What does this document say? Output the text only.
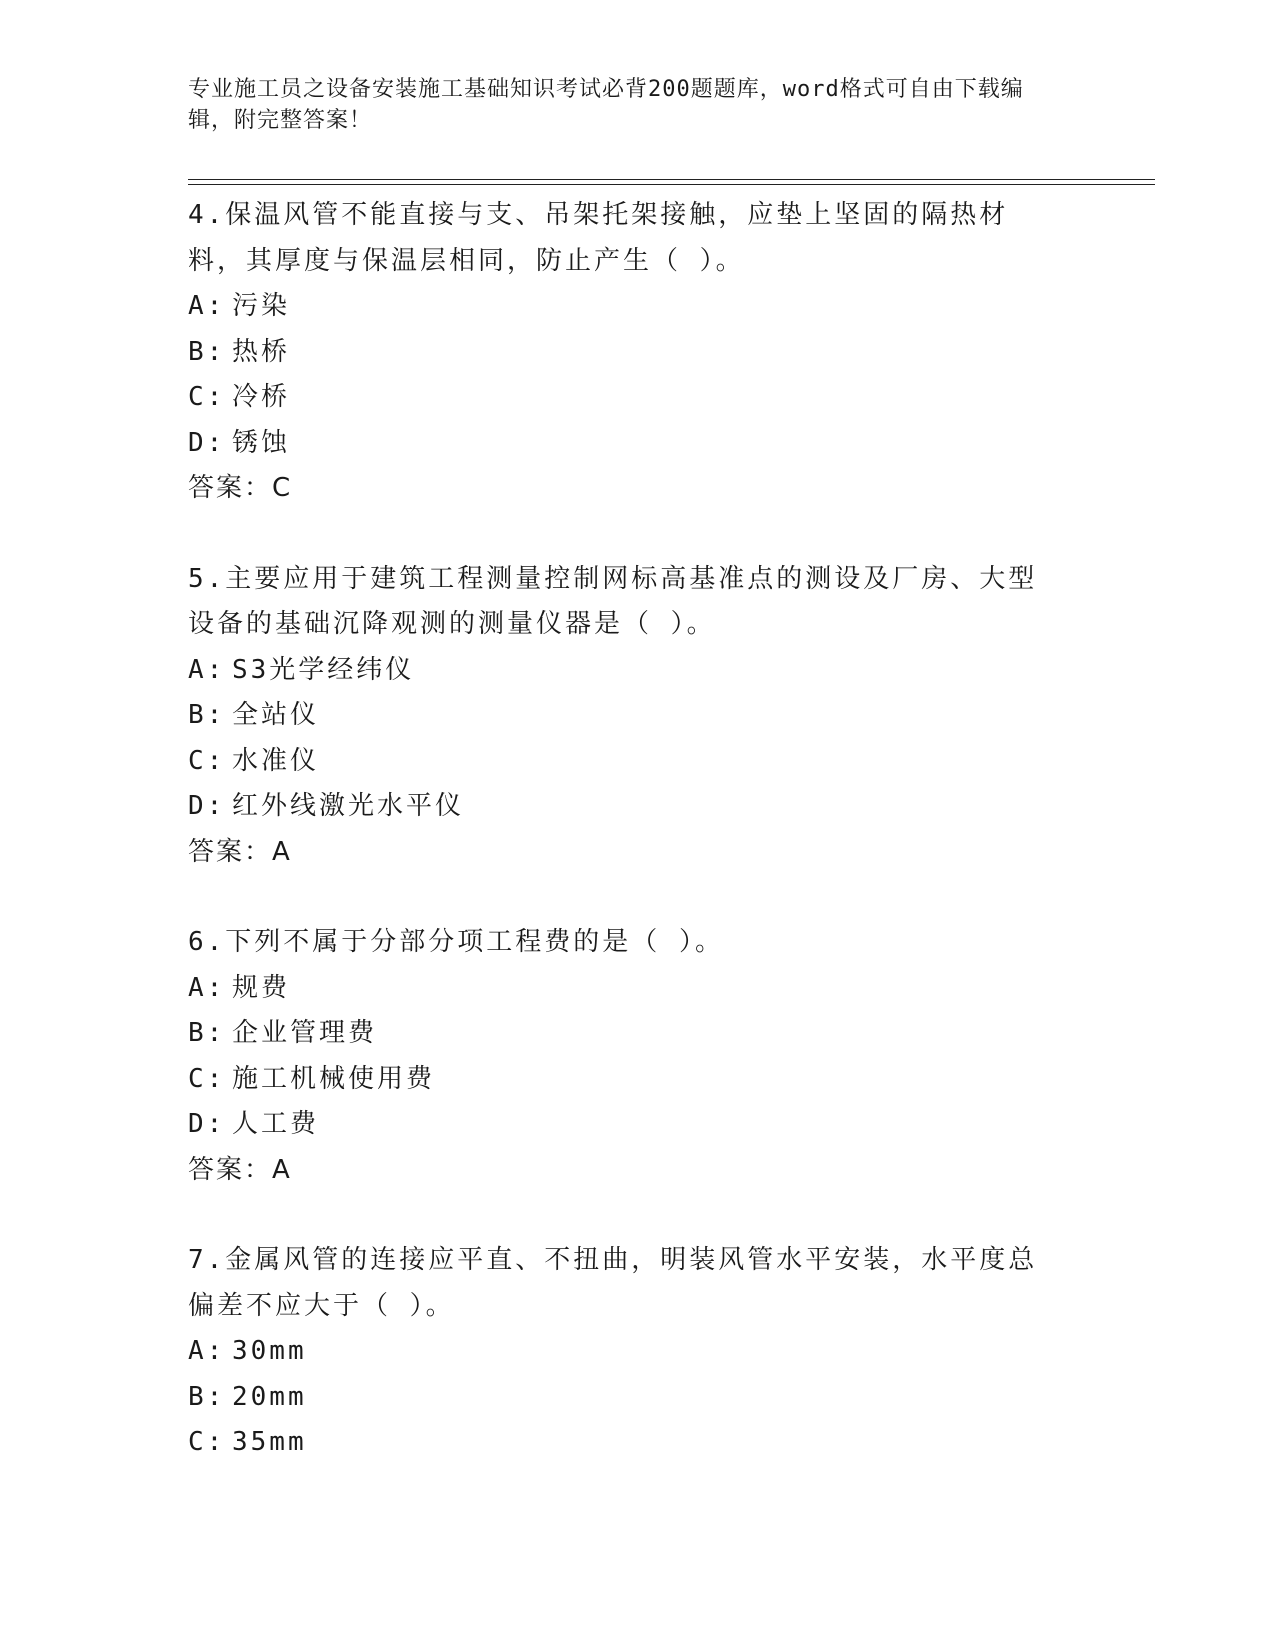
专业施工员之设备安装施工基础知识考试必背200题题库，word格式可自由下载编辑，附完整答案！

4.保温风管不能直接与支、吊架托架接触，应垫上坚固的隔热材料，其厚度与保温层相同，防止产生（ ）。

A: 污染
B: 热桥
C: 冷桥
D: 锈蚀
答案：C

5.主要应用于建筑工程测量控制网标高基准点的测设及厂房、大型设备的基础沉降观测的测量仪器是（ ）。

A: S3光学经纬仪
B: 全站仪
C: 水准仪
D: 红外线激光水平仪
答案：A

6.下列不属于分部分项工程费的是（ ）。

A: 规费
B: 企业管理费
C: 施工机械使用费
D: 人工费
答案：A

7.金属风管的连接应平直、不扭曲，明装风管水平安装，水平度总偏差不应大于（ ）。

A: 30mm
B: 20mm
C: 35mm
